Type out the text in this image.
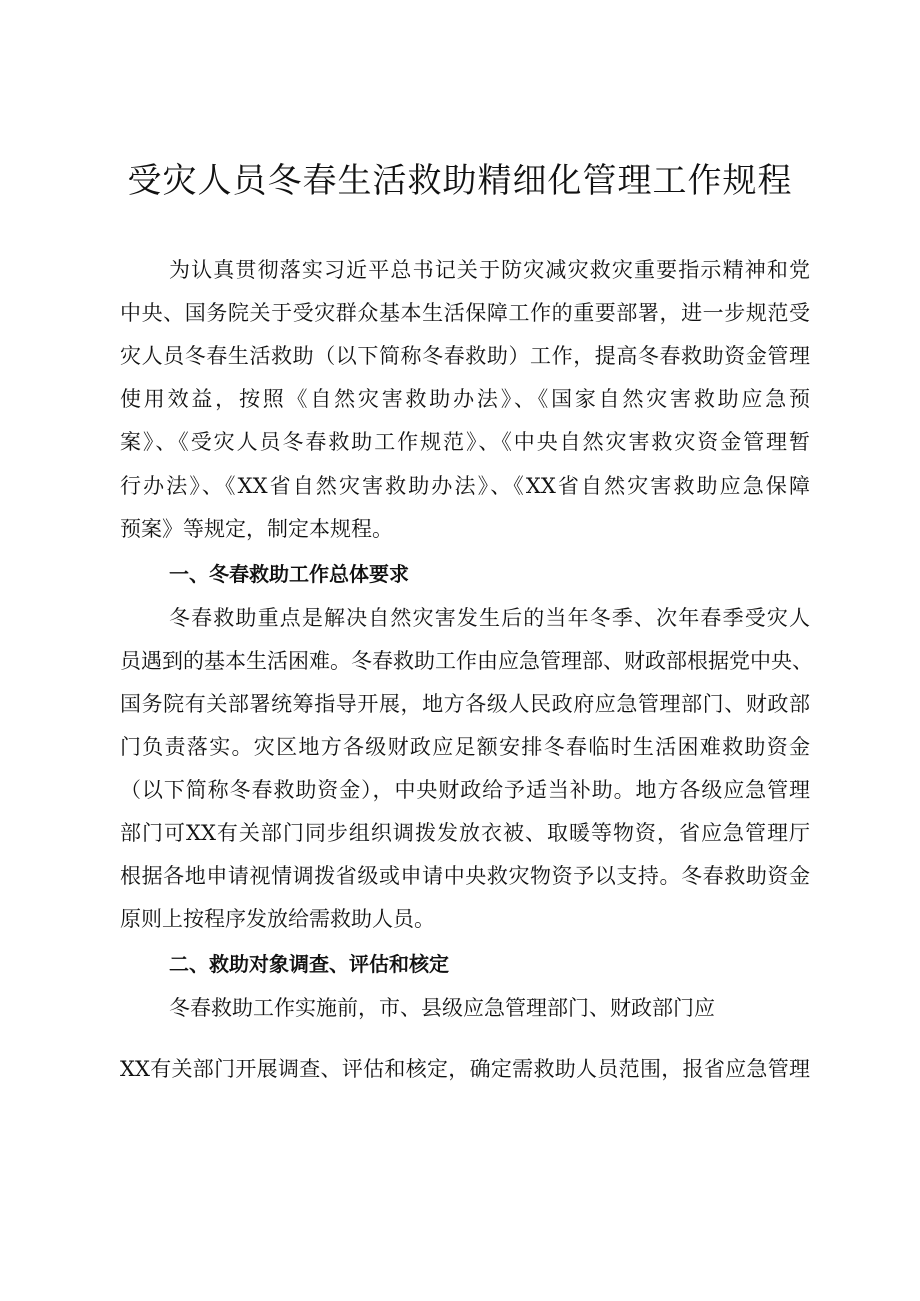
受灾人员冬春生活救助精细化管理工作规程
为认真贯彻落实习近平总书记关于防灾减灾救灾重要指示精神和党
中央、国务院关于受灾群众基本生活保障工作的重要部署，进一步规范受
灾人员冬春生活救助（以下简称冬春救助）工作，提高冬春救助资金管理
使用效益，按照《自然灾害救助办法》、《国家自然灾害救助应急预
案》、《受灾人员冬春救助工作规范》、《中央自然灾害救灾资金管理暂
行办法》、《XX省自然灾害救助办法》、《XX省自然灾害救助应急保障
预案》等规定，制定本规程。
一、冬春救助工作总体要求
冬春救助重点是解决自然灾害发生后的当年冬季、次年春季受灾人
员遇到的基本生活困难。冬春救助工作由应急管理部、财政部根据党中央、
国务院有关部署统筹指导开展，地方各级人民政府应急管理部门、财政部
门负责落实。灾区地方各级财政应足额安排冬春临时生活困难救助资金
（以下简称冬春救助资金），中央财政给予适当补助。地方各级应急管理
部门可XX有关部门同步组织调拨发放衣被、取暖等物资，省应急管理厅
根据各地申请视情调拨省级或申请中央救灾物资予以支持。冬春救助资金
原则上按程序发放给需救助人员。
二、救助对象调查、评估和核定
冬春救助工作实施前，市、县级应急管理部门、财政部门应
XX有关部门开展调查、评估和核定，确定需救助人员范围，报省应急管理
